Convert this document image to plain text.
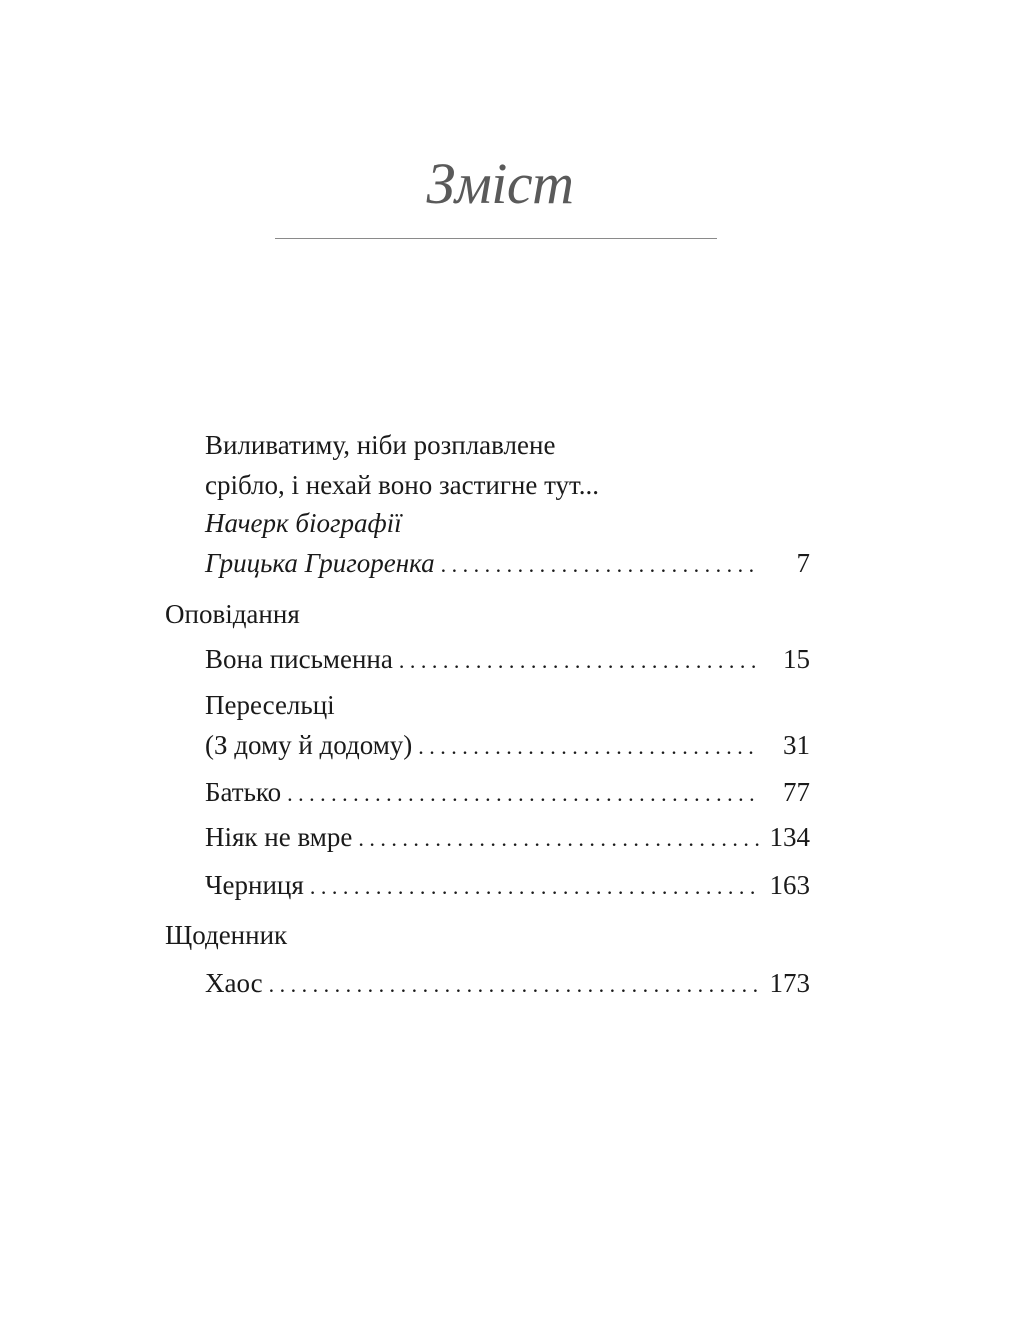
Зміст
Виливатиму, ніби розплавлене
срібло, і нехай воно застигне тут...
Начерк біографії
Грицька Григоренка . . .	7
Оповідання
Вона письменна . . .	15
Пересельці
(З дому й додому) . . .	31
Батько . . .	77
Ніяк не вмре . . .	134
Черниця . . .	163
Щоденник
Хаос . . .	173
